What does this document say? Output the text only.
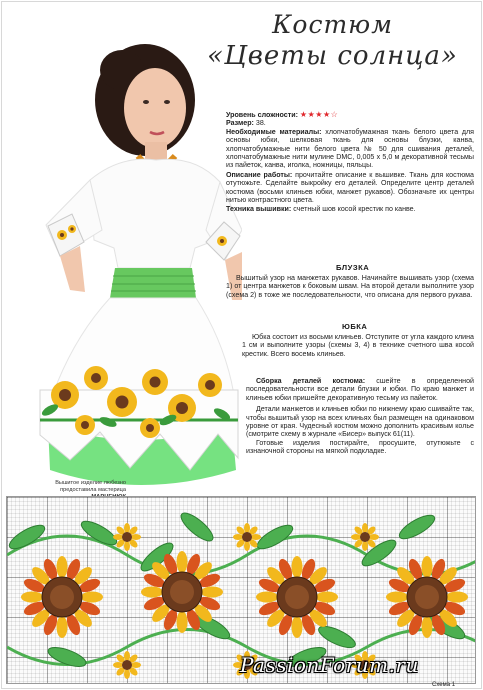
Костюм
«Цветы солнца»
Вышитое изделие любезно
предоставила мастерица
Уровень сложности: ★★★★☆
Размер: 38.
Необходимые материалы: хлопчатобумажная ткань белого цвета для основы юбки, шелковая ткань для основы блузки, канва, хлопчатобумажные нити белого цвета № 50 для сшивания деталей, хлопчатобумажные нити мулине DMC, 0,005 х 5,0 м декоративной тесьмы из пайеток, канва, иголка, ножницы, пяльцы.
Описание работы: прочитайте описание к вышивке. Ткань для костюма отутюжьте. Сделайте выкройку его деталей. Определите центр деталей костюма (восьми клиньев юбки, манжет рукавов). Обозначьте их центры нитью контрастного цвета.
Техника вышивки: счетный шов косой крестик по канве.
БЛУЗКА
Вышитый узор на манжетах рукавов. Начинайте вышивать узор (схема 1) от центра манжетов к боковым швам. На второй детали выполните узор (схема 2) в тоже же последовательности, что описана для первого рукава.
ЮБКА
Юбка состоит из восьми клиньев. Отступите от угла каждого клина 1 см и выполните узоры (схемы 3, 4) в технике счетного шва косой крестик. Всего восемь клиньев.
Сборка деталей костюма: сшейте в определенной последовательности все детали блузки и юбки. По краю манжет и клиньев юбки пришейте декоративную тесьму из пайеток.
Детали манжетов и клиньев юбки по нижнему краю сшивайте так, чтобы вышитый узор на всех клиньях был размещен на одинаковом уровне от края. Чудесный костюм можно дополнить красивым колье (смотрите схему в журнале «Бисер» выпуск 61(11).
Готовые изделия постирайте, просушите, отутюжьте с изнаночной стороны на мягкой подкладке.
PassionForum.ru
Схема 1
